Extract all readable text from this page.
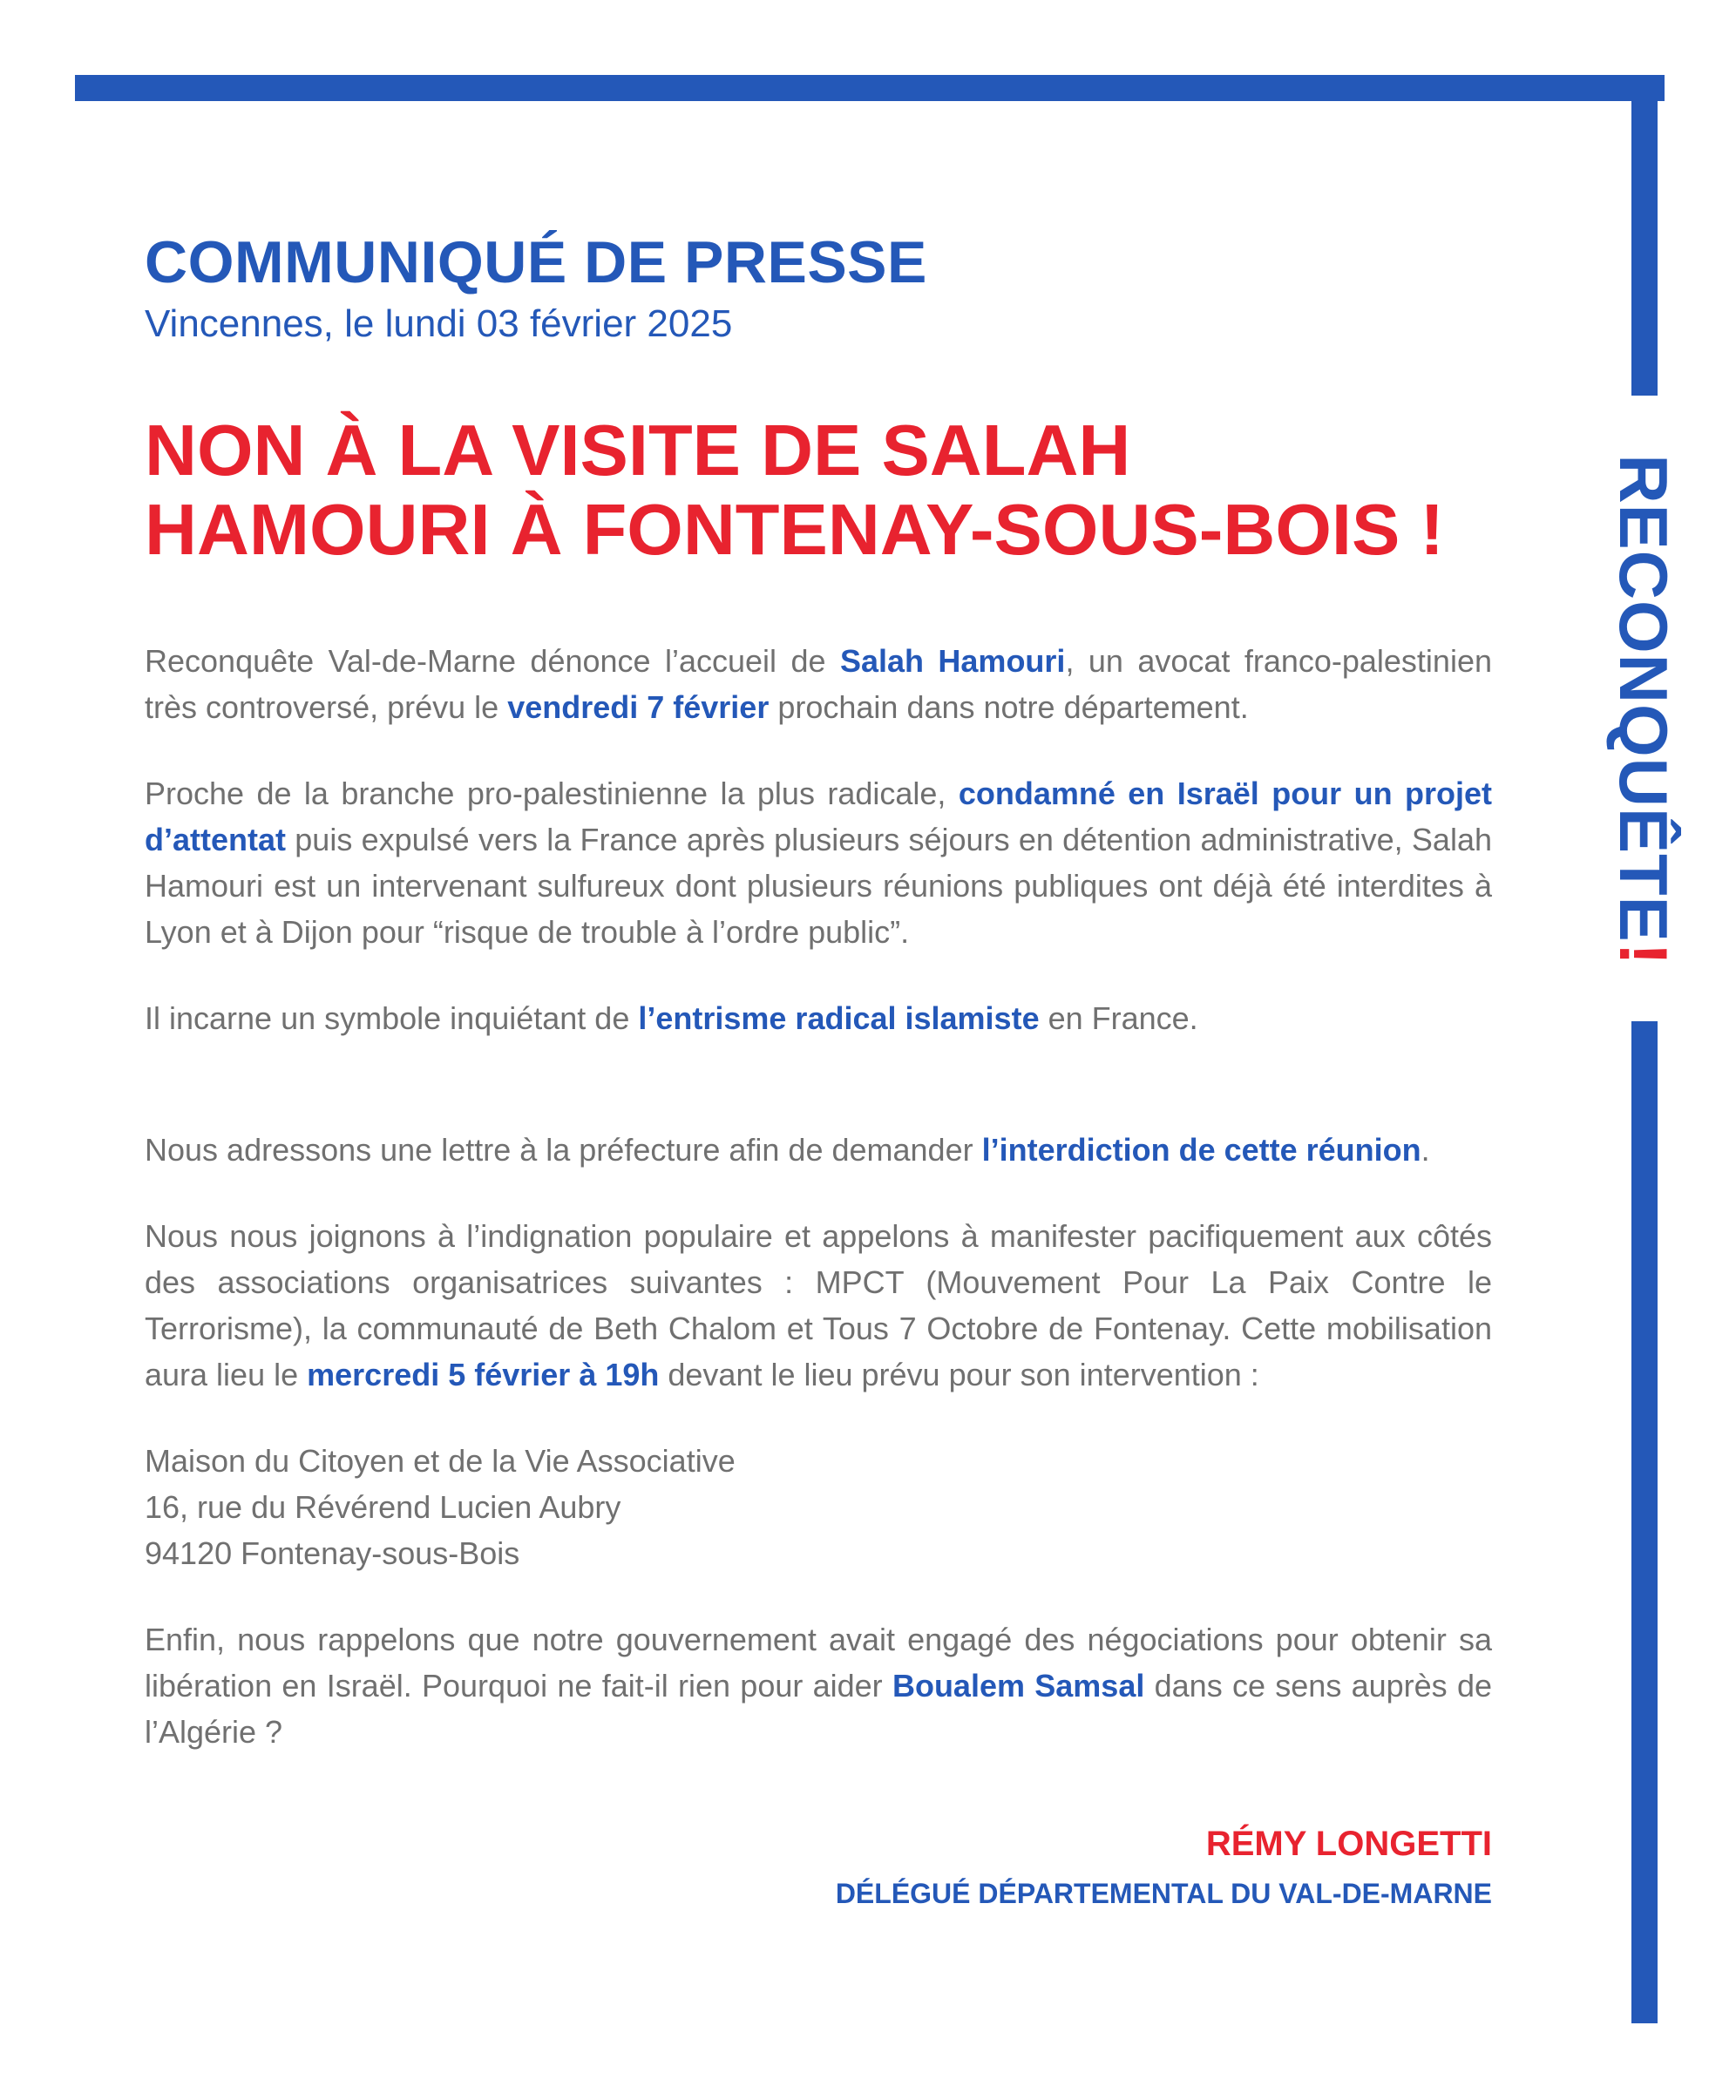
RECONQUÊTE!
COMMUNIQUÉ DE PRESSE
Vincennes, le lundi 03 février 2025
NON À LA VISITE DE SALAH HAMOURI À FONTENAY-SOUS-BOIS !

Reconquête Val-de-Marne dénonce l’accueil de Salah Hamouri, un avocat franco-palestinien très controversé, prévu le vendredi 7 février prochain dans notre département.

Proche de la branche pro-palestinienne la plus radicale, condamné en Israël pour un projet d’attentat puis expulsé vers la France après plusieurs séjours en détention administrative, Salah Hamouri est un intervenant sulfureux dont plusieurs réunions publiques ont déjà été interdites à Lyon et à Dijon pour “risque de trouble à l’ordre public”.

Il incarne un symbole inquiétant de l’entrisme radical islamiste en France.

Nous adressons une lettre à la préfecture afin de demander l’interdiction de cette réunion.

Nous nous joignons à l’indignation populaire et appelons à manifester pacifiquement aux côtés des associations organisatrices suivantes : MPCT (Mouvement Pour La Paix Contre le Terrorisme), la communauté de Beth Chalom et Tous 7 Octobre de Fontenay. Cette mobilisation aura lieu le mercredi 5 février à 19h devant le lieu prévu pour son intervention :

Maison du Citoyen et de la Vie Associative
16, rue du Révérend Lucien Aubry
94120 Fontenay-sous-Bois

Enfin, nous rappelons que notre gouvernement avait engagé des négociations pour obtenir sa libération en Israël. Pourquoi ne fait-il rien pour aider Boualem Samsal dans ce sens auprès de l’Algérie ?

RÉMY LONGETTI
DÉLÉGUÉ DÉPARTEMENTAL DU VAL-DE-MARNE
